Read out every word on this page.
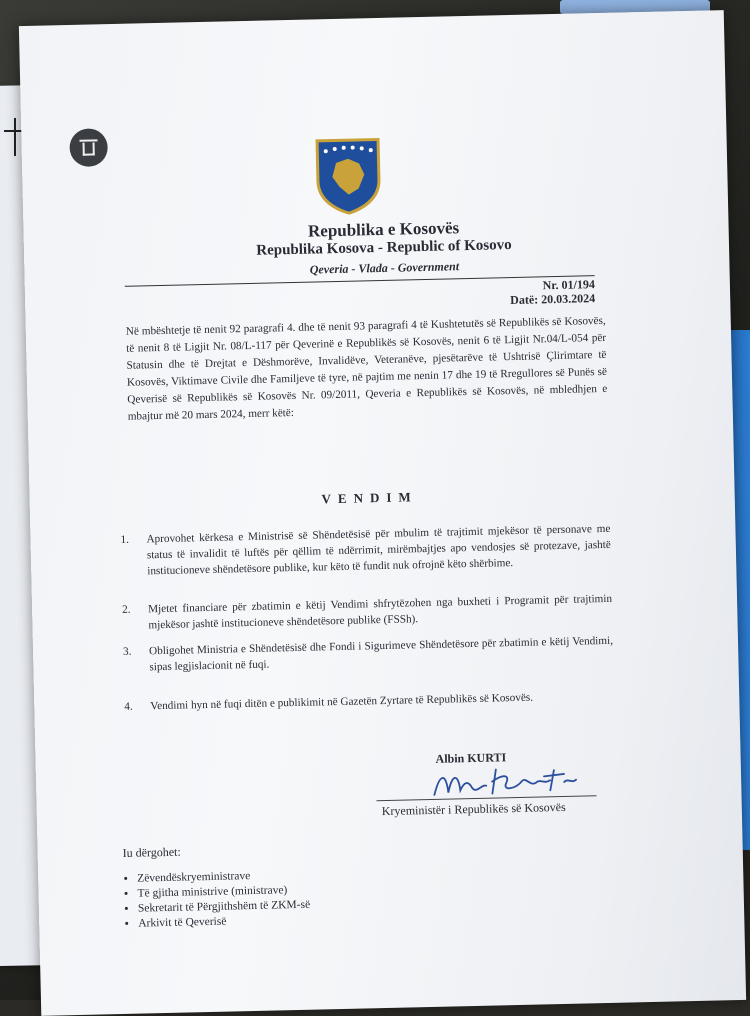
Republika e Kosovës
Republika Kosova - Republic of Kosovo
Qeveria - Vlada - Government
Nr. 01/194
Datë: 20.03.2024
Në mbështetje të nenit 92 paragrafi 4. dhe të nenit 93 paragrafi 4 të Kushtetutës së Republikës së Kosovës, të nenit 8 të Ligjit Nr. 08/L-117 për Qeverinë e Republikës së Kosovës, nenit 6 të Ligjit Nr.04/L-054 për Statusin dhe të Drejtat e Dëshmorëve, Invalidëve, Veteranëve, pjesëtarëve të Ushtrisë Çlirimtare të Kosovës, Viktimave Civile dhe Familjeve të tyre, në pajtim me nenin 17 dhe 19 të Rregullores së Punës së Qeverisë së Republikës së Kosovës Nr. 09/2011, Qeveria e Republikës së Kosovës, në mbledhjen e mbajtur më 20 mars 2024, merr këtë:
VENDIM
1.	Aprovohet kërkesa e Ministrisë së Shëndetësisë për mbulim të trajtimit mjekësor të personave me status të invalidit të luftës për qëllim të ndërrimit, mirëmbajtjes apo vendosjes së protezave, jashtë institucioneve shëndetësore publike, kur këto të fundit nuk ofrojnë këto shërbime.
2.	Mjetet financiare për zbatimin e këtij Vendimi shfrytëzohen nga buxheti i Programit për trajtimin mjekësor jashtë institucioneve shëndetësore publike (FSSh).
3.	Obligohet Ministria e Shëndetësisë dhe Fondi i Sigurimeve Shëndetësore për zbatimin e këtij Vendimi, sipas legjislacionit në fuqi.
4.	Vendimi hyn në fuqi ditën e publikimit në Gazetën Zyrtare të Republikës së Kosovës.
Albin KURTI
Kryeministër i Republikës së Kosovës
Iu dërgohet:
• Zëvendëskryeministrave
• Të gjitha ministrive (ministrave)
• Sekretarit të Përgjithshëm të ZKM-së
• Arkivit të Qeverisë
